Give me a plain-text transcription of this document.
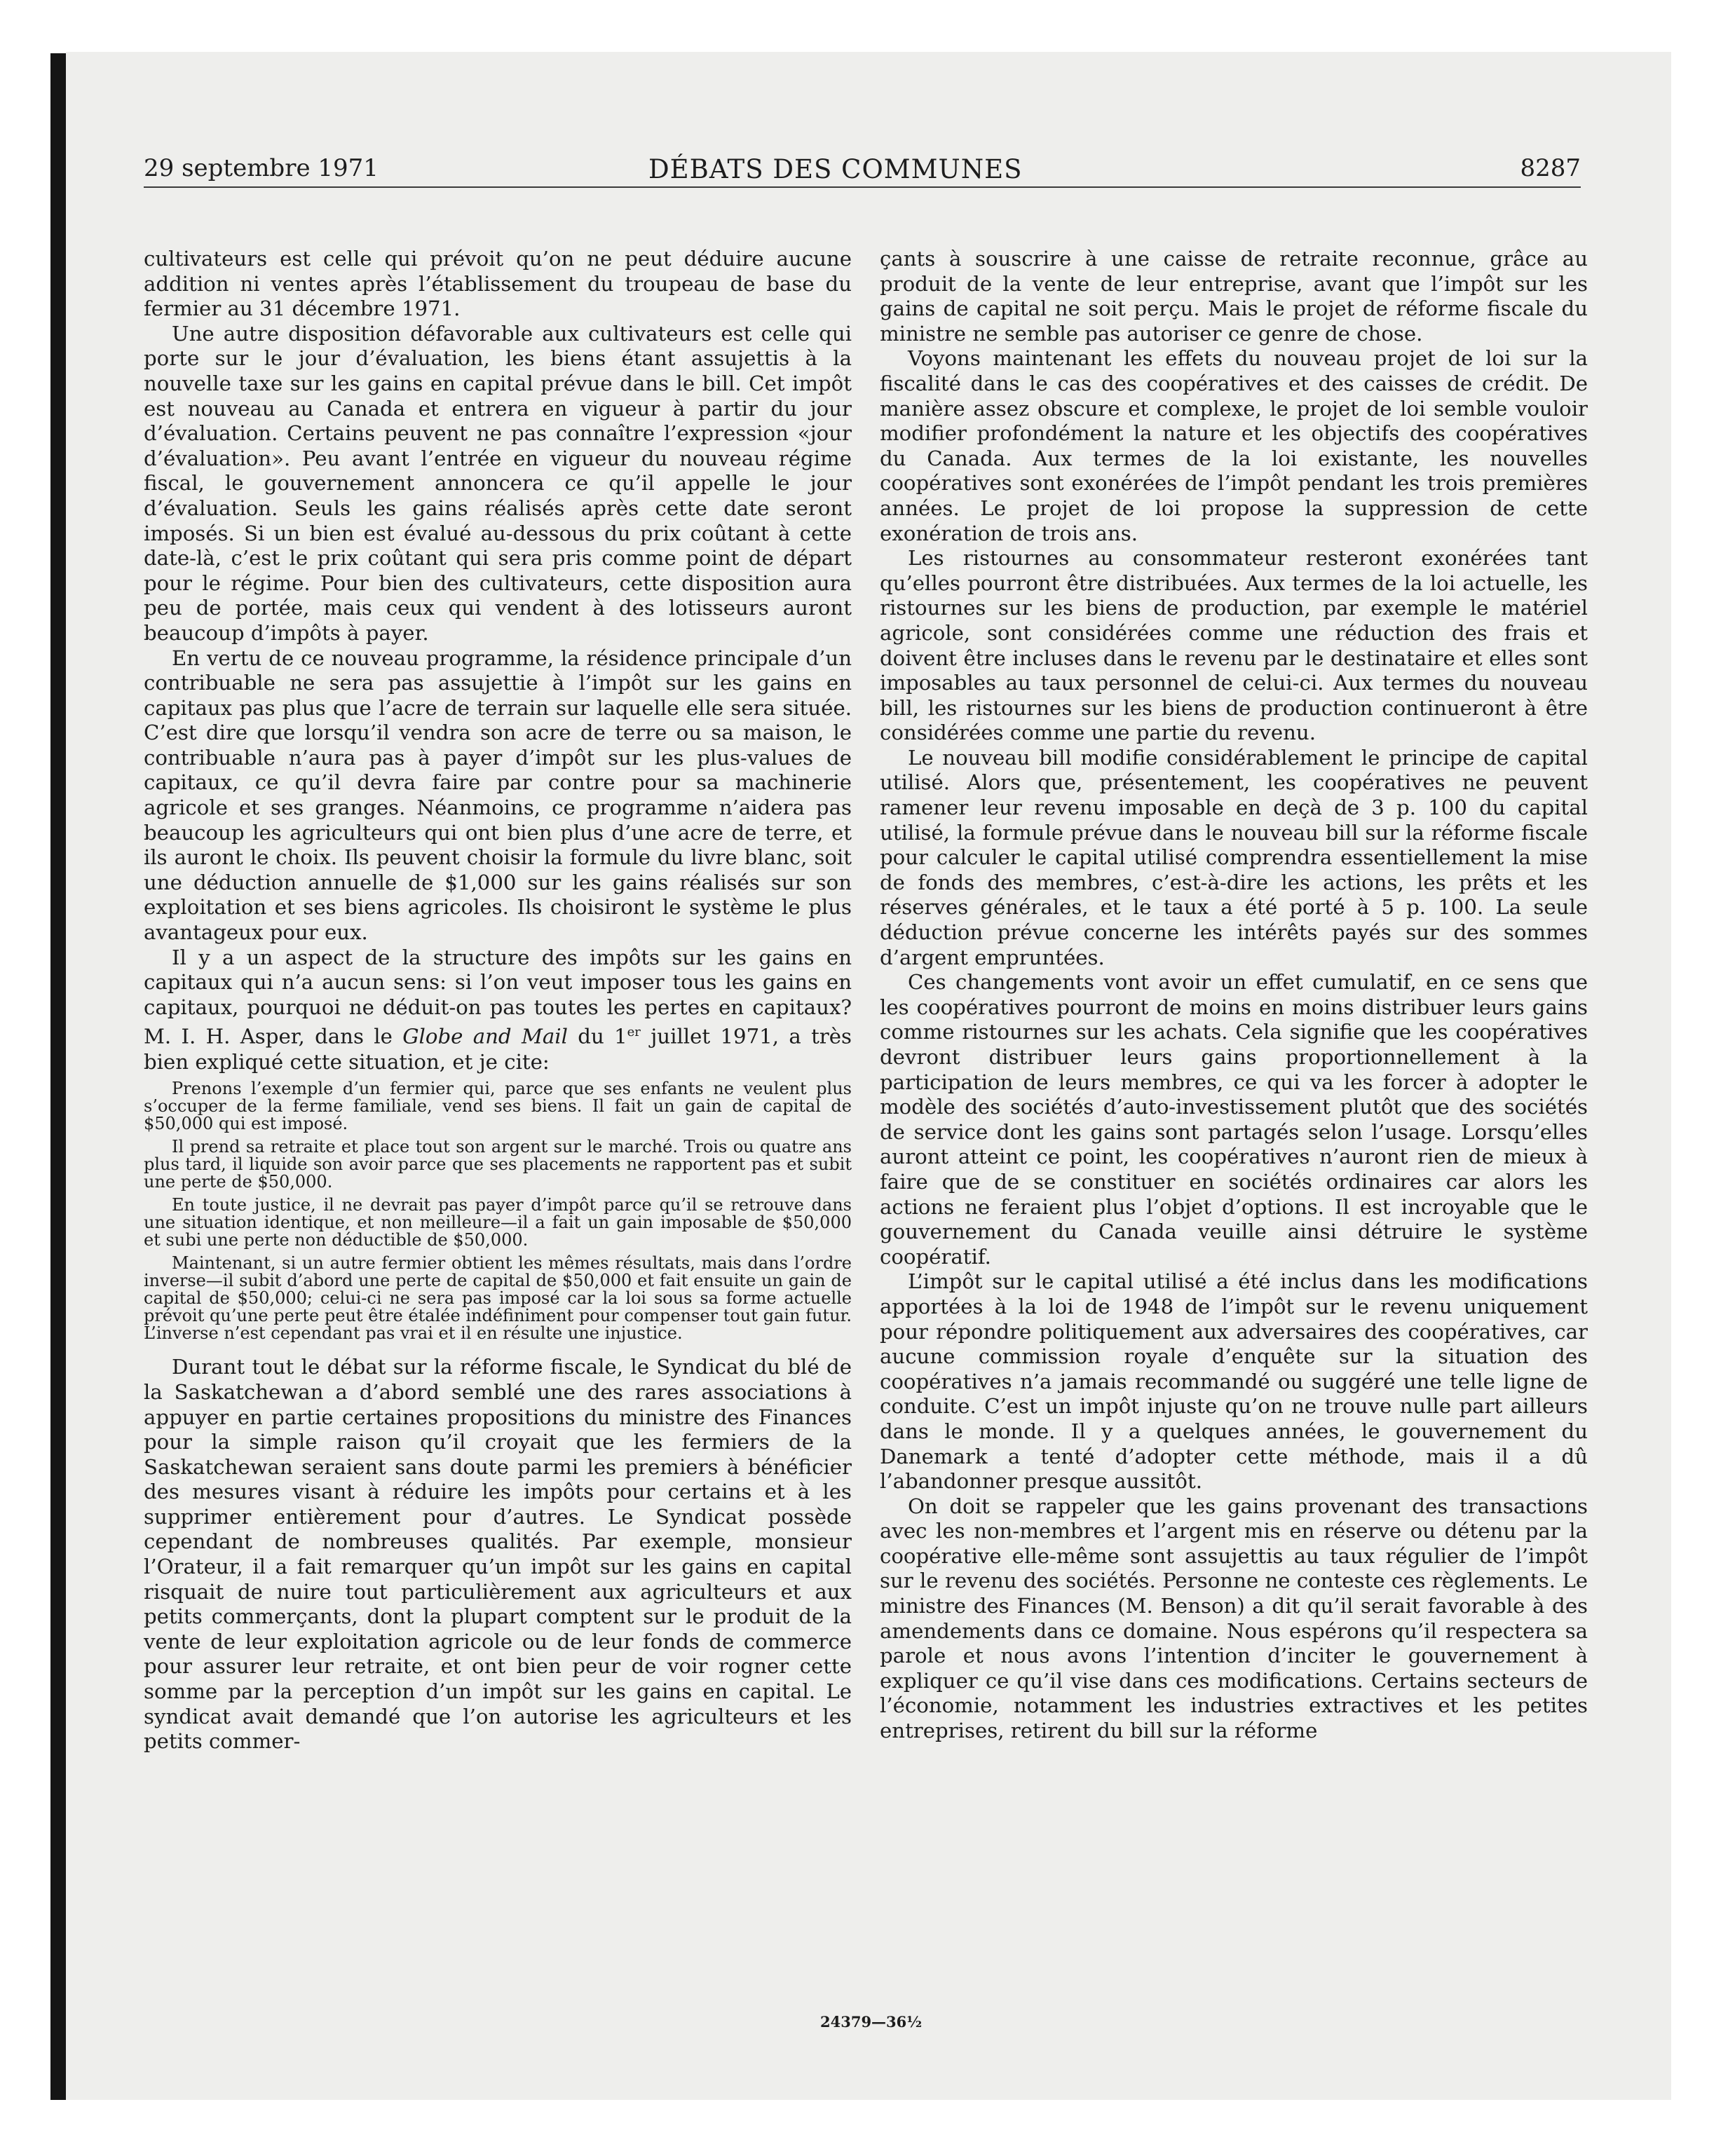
29 septembre 1971	DÉBATS DES COMMUNES	8287

cultivateurs est celle qui prévoit qu’on ne peut déduire aucune addition ni ventes après l’établissement du troupeau de base du fermier au 31 décembre 1971.

Une autre disposition défavorable aux cultivateurs est celle qui porte sur le jour d’évaluation, les biens étant assujettis à la nouvelle taxe sur les gains en capital prévue dans le bill. Cet impôt est nouveau au Canada et entrera en vigueur à partir du jour d’évaluation. Certains peuvent ne pas connaître l’expression «jour d’évaluation». Peu avant l’entrée en vigueur du nouveau régime fiscal, le gouvernement annoncera ce qu’il appelle le jour d’évaluation. Seuls les gains réalisés après cette date seront imposés. Si un bien est évalué au-dessous du prix coûtant à cette date-là, c’est le prix coûtant qui sera pris comme point de départ pour le régime. Pour bien des cultivateurs, cette disposition aura peu de portée, mais ceux qui vendent à des lotisseurs auront beaucoup d’impôts à payer.

En vertu de ce nouveau programme, la résidence principale d’un contribuable ne sera pas assujettie à l’impôt sur les gains en capitaux pas plus que l’acre de terrain sur laquelle elle sera située. C’est dire que lorsqu’il vendra son acre de terre ou sa maison, le contribuable n’aura pas à payer d’impôt sur les plus-values de capitaux, ce qu’il devra faire par contre pour sa machinerie agricole et ses granges. Néanmoins, ce programme n’aidera pas beaucoup les agriculteurs qui ont bien plus d’une acre de terre, et ils auront le choix. Ils peuvent choisir la formule du livre blanc, soit une déduction annuelle de $1,000 sur les gains réalisés sur son exploitation et ses biens agricoles. Ils choisiront le système le plus avantageux pour eux.

Il y a un aspect de la structure des impôts sur les gains en capitaux qui n’a aucun sens: si l’on veut imposer tous les gains en capitaux, pourquoi ne déduit-on pas toutes les pertes en capitaux? M. I. H. Asper, dans le Globe and Mail du 1er juillet 1971, a très bien expliqué cette situation, et je cite:

Prenons l’exemple d’un fermier qui, parce que ses enfants ne veulent plus s’occuper de la ferme familiale, vend ses biens. Il fait un gain de capital de $50,000 qui est imposé.

Il prend sa retraite et place tout son argent sur le marché. Trois ou quatre ans plus tard, il liquide son avoir parce que ses placements ne rapportent pas et subit une perte de $50,000.

En toute justice, il ne devrait pas payer d’impôt parce qu’il se retrouve dans une situation identique, et non meilleure—il a fait un gain imposable de $50,000 et subi une perte non déductible de $50,000.

Maintenant, si un autre fermier obtient les mêmes résultats, mais dans l’ordre inverse—il subit d’abord une perte de capital de $50,000 et fait ensuite un gain de capital de $50,000; celui-ci ne sera pas imposé car la loi sous sa forme actuelle prévoit qu’une perte peut être étalée indéfiniment pour compenser tout gain futur. L’inverse n’est cependant pas vrai et il en résulte une injustice.

Durant tout le débat sur la réforme fiscale, le Syndicat du blé de la Saskatchewan a d’abord semblé une des rares associations à appuyer en partie certaines propositions du ministre des Finances pour la simple raison qu’il croyait que les fermiers de la Saskatchewan seraient sans doute parmi les premiers à bénéficier des mesures visant à réduire les impôts pour certains et à les supprimer entièrement pour d’autres. Le Syndicat possède cependant de nombreuses qualités. Par exemple, monsieur l’Orateur, il a fait remarquer qu’un impôt sur les gains en capital risquait de nuire tout particulièrement aux agriculteurs et aux petits commerçants, dont la plupart comptent sur le produit de la vente de leur exploitation agricole ou de leur fonds de commerce pour assurer leur retraite, et ont bien peur de voir rogner cette somme par la perception d’un impôt sur les gains en capital. Le syndicat avait demandé que l’on autorise les agriculteurs et les petits commer-

çants à souscrire à une caisse de retraite reconnue, grâce au produit de la vente de leur entreprise, avant que l’impôt sur les gains de capital ne soit perçu. Mais le projet de réforme fiscale du ministre ne semble pas autoriser ce genre de chose.

Voyons maintenant les effets du nouveau projet de loi sur la fiscalité dans le cas des coopératives et des caisses de crédit. De manière assez obscure et complexe, le projet de loi semble vouloir modifier profondément la nature et les objectifs des coopératives du Canada. Aux termes de la loi existante, les nouvelles coopératives sont exonérées de l’impôt pendant les trois premières années. Le projet de loi propose la suppression de cette exonération de trois ans.

Les ristournes au consommateur resteront exonérées tant qu’elles pourront être distribuées. Aux termes de la loi actuelle, les ristournes sur les biens de production, par exemple le matériel agricole, sont considérées comme une réduction des frais et doivent être incluses dans le revenu par le destinataire et elles sont imposables au taux personnel de celui-ci. Aux termes du nouveau bill, les ristournes sur les biens de production continueront à être considérées comme une partie du revenu.

Le nouveau bill modifie considérablement le principe de capital utilisé. Alors que, présentement, les coopératives ne peuvent ramener leur revenu imposable en deçà de 3 p. 100 du capital utilisé, la formule prévue dans le nouveau bill sur la réforme fiscale pour calculer le capital utilisé comprendra essentiellement la mise de fonds des membres, c’est-à-dire les actions, les prêts et les réserves générales, et le taux a été porté à 5 p. 100. La seule déduction prévue concerne les intérêts payés sur des sommes d’argent empruntées.

Ces changements vont avoir un effet cumulatif, en ce sens que les coopératives pourront de moins en moins distribuer leurs gains comme ristournes sur les achats. Cela signifie que les coopératives devront distribuer leurs gains proportionnellement à la participation de leurs membres, ce qui va les forcer à adopter le modèle des sociétés d’auto-investissement plutôt que des sociétés de service dont les gains sont partagés selon l’usage. Lorsqu’elles auront atteint ce point, les coopératives n’auront rien de mieux à faire que de se constituer en sociétés ordinaires car alors les actions ne feraient plus l’objet d’options. Il est incroyable que le gouvernement du Canada veuille ainsi détruire le système coopératif.

L’impôt sur le capital utilisé a été inclus dans les modifications apportées à la loi de 1948 de l’impôt sur le revenu uniquement pour répondre politiquement aux adversaires des coopératives, car aucune commission royale d’enquête sur la situation des coopératives n’a jamais recommandé ou suggéré une telle ligne de conduite. C’est un impôt injuste qu’on ne trouve nulle part ailleurs dans le monde. Il y a quelques années, le gouvernement du Danemark a tenté d’adopter cette méthode, mais il a dû l’abandonner presque aussitôt.

On doit se rappeler que les gains provenant des transactions avec les non-membres et l’argent mis en réserve ou détenu par la coopérative elle-même sont assujettis au taux régulier de l’impôt sur le revenu des sociétés. Personne ne conteste ces règlements. Le ministre des Finances (M. Benson) a dit qu’il serait favorable à des amendements dans ce domaine. Nous espérons qu’il respectera sa parole et nous avons l’intention d’inciter le gouvernement à expliquer ce qu’il vise dans ces modifications. Certains secteurs de l’économie, notamment les industries extractives et les petites entreprises, retirent du bill sur la réforme

24379—36½
